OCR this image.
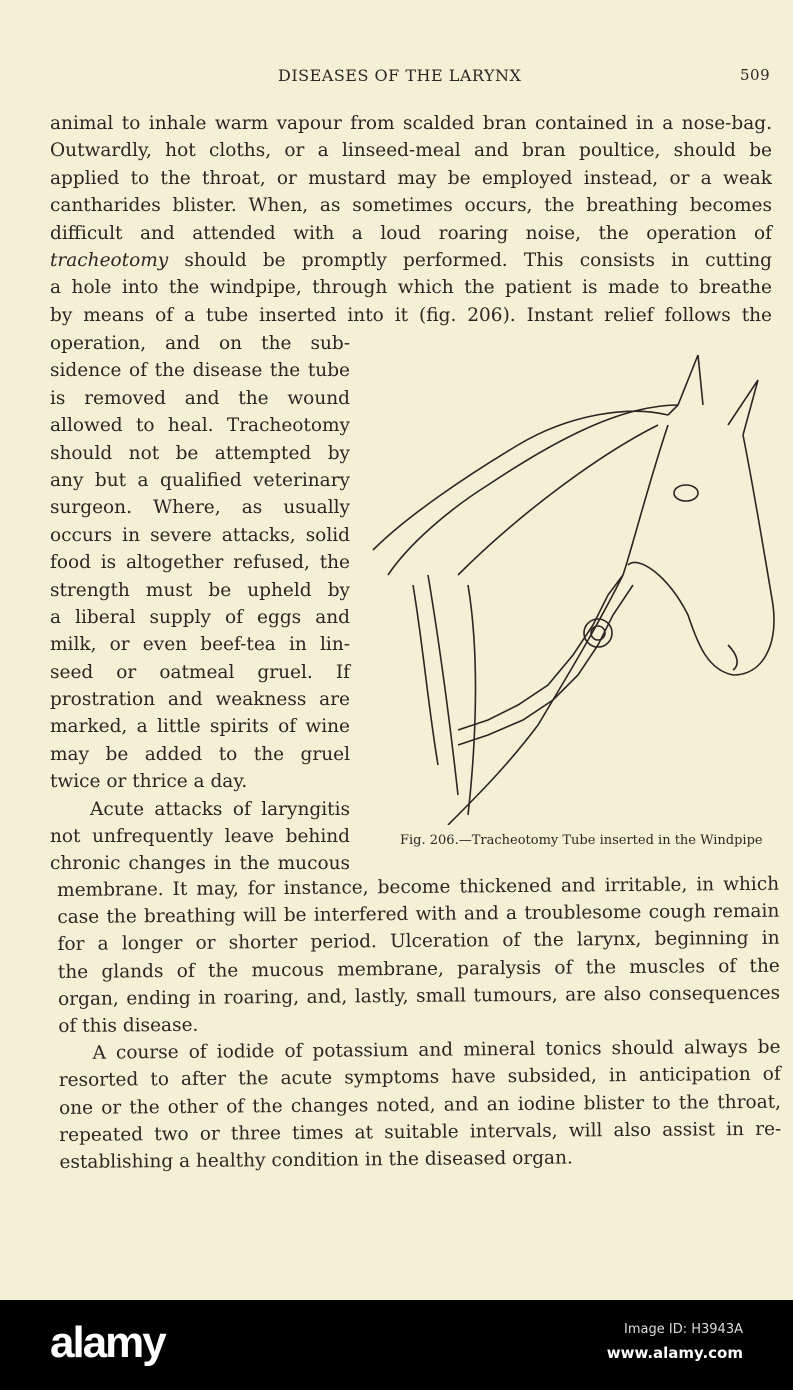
DISEASES OF THE LARYNX	509
animal to inhale warm vapour from scalded bran contained in a nose-bag.
Outwardly, hot cloths, or a linseed-meal and bran poultice, should be
applied to the throat, or mustard may be employed instead, or a weak
cantharides blister. When, as sometimes occurs, the breathing becomes
difficult and attended with a loud roaring noise, the operation of
tracheotomy should be promptly performed. This consists in cutting
a hole into the windpipe, through which the patient is made to breathe
by means of a tube inserted into it (fig. 206). Instant relief follows the
operation, and on the sub-
sidence of the disease the tube
is removed and the wound
allowed to heal. Tracheotomy
should not be attempted by
any but a qualified veterinary
surgeon. Where, as usually
occurs in severe attacks, solid
food is altogether refused, the
strength must be upheld by
a liberal supply of eggs and
milk, or even beef-tea in lin-
seed or oatmeal gruel. If
prostration and weakness are
marked, a little spirits of wine
may be added to the gruel
twice or thrice a day.
Acute attacks of laryngitis
not unfrequently leave behind
chronic changes in the mucous
Fig. 206.—Tracheotomy Tube inserted in the Windpipe
membrane. It may, for instance, become thickened and irritable, in which
case the breathing will be interfered with and a troublesome cough remain
for a longer or shorter period. Ulceration of the larynx, beginning in
the glands of the mucous membrane, paralysis of the muscles of the
organ, ending in roaring, and, lastly, small tumours, are also consequences
of this disease.
A course of iodide of potassium and mineral tonics should always be
resorted to after the acute symptoms have subsided, in anticipation of
one or the other of the changes noted, and an iodine blister to the throat,
repeated two or three times at suitable intervals, will also assist in re-
establishing a healthy condition in the diseased organ.
alamy	Image ID: H3943A
www.alamy.com
